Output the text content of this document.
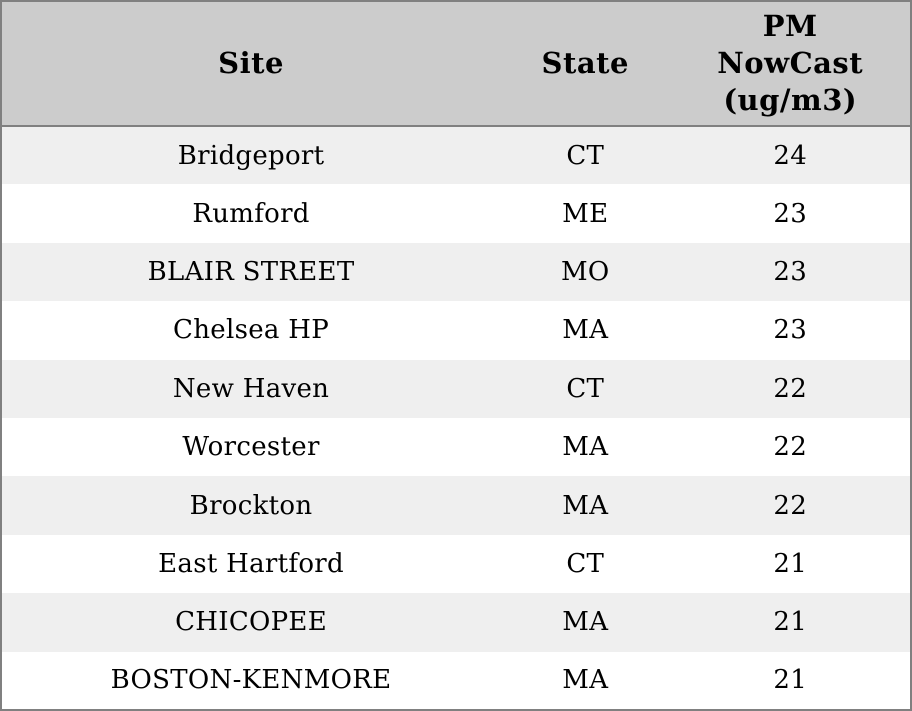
Site	State	PM NowCast (ug/m3)

Bridgeport	CT	24
Rumford	ME	23
BLAIR STREET	MO	23
Chelsea HP	MA	23
New Haven	CT	22
Worcester	MA	22
Brockton	MA	22
East Hartford	CT	21
CHICOPEE	MA	21
BOSTON-KENMORE	MA	21
